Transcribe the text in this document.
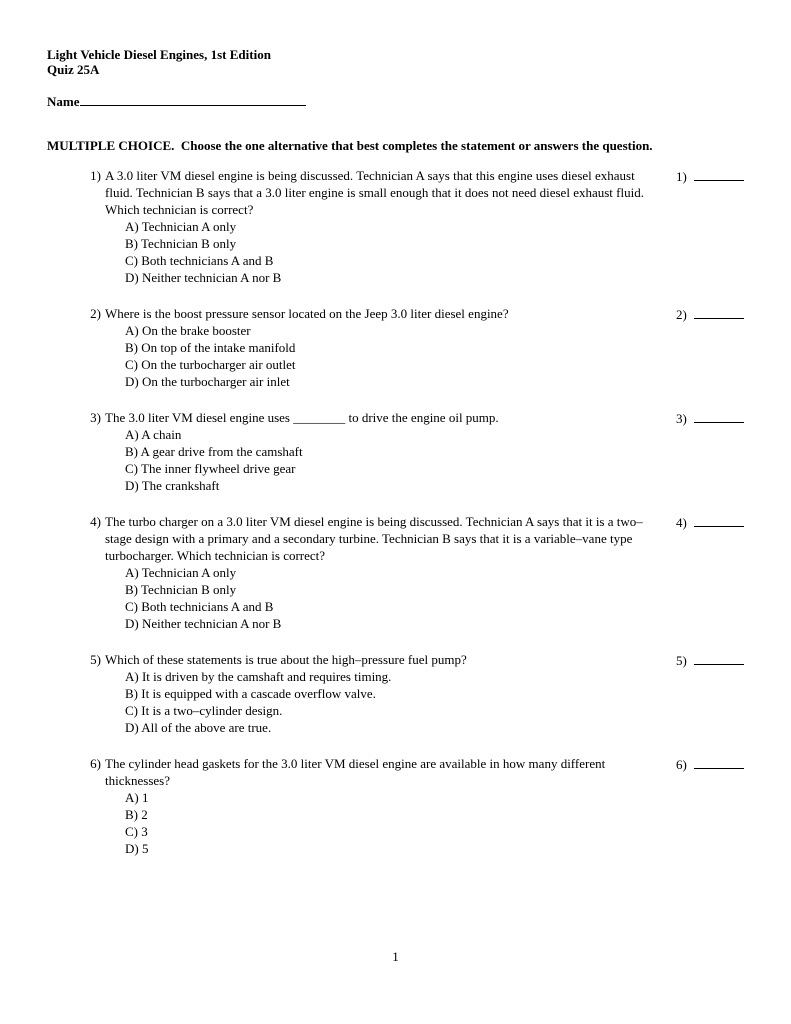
Light Vehicle Diesel Engines, 1st Edition
Quiz 25A
Name
MULTIPLE CHOICE.  Choose the one alternative that best completes the statement or answers the question.
1) A 3.0 liter VM diesel engine is being discussed. Technician A says that this engine uses diesel exhaust fluid. Technician B says that a 3.0 liter engine is small enough that it does not need diesel exhaust fluid. Which technician is correct?
A) Technician A only
B) Technician B only
C) Both technicians A and B
D) Neither technician A nor B
1)
2) Where is the boost pressure sensor located on the Jeep 3.0 liter diesel engine?
A) On the brake booster
B) On top of the intake manifold
C) On the turbocharger air outlet
D) On the turbocharger air inlet
2)
3) The 3.0 liter VM diesel engine uses ________ to drive the engine oil pump.
A) A chain
B) A gear drive from the camshaft
C) The inner flywheel drive gear
D) The crankshaft
3)
4) The turbo charger on a 3.0 liter VM diesel engine is being discussed. Technician A says that it is a two–stage design with a primary and a secondary turbine. Technician B says that it is a variable–vane type turbocharger. Which technician is correct?
A) Technician A only
B) Technician B only
C) Both technicians A and B
D) Neither technician A nor B
4)
5) Which of these statements is true about the high–pressure fuel pump?
A) It is driven by the camshaft and requires timing.
B) It is equipped with a cascade overflow valve.
C) It is a two–cylinder design.
D) All of the above are true.
5)
6) The cylinder head gaskets for the 3.0 liter VM diesel engine are available in how many different thicknesses?
A) 1
B) 2
C) 3
D) 5
6)
1
